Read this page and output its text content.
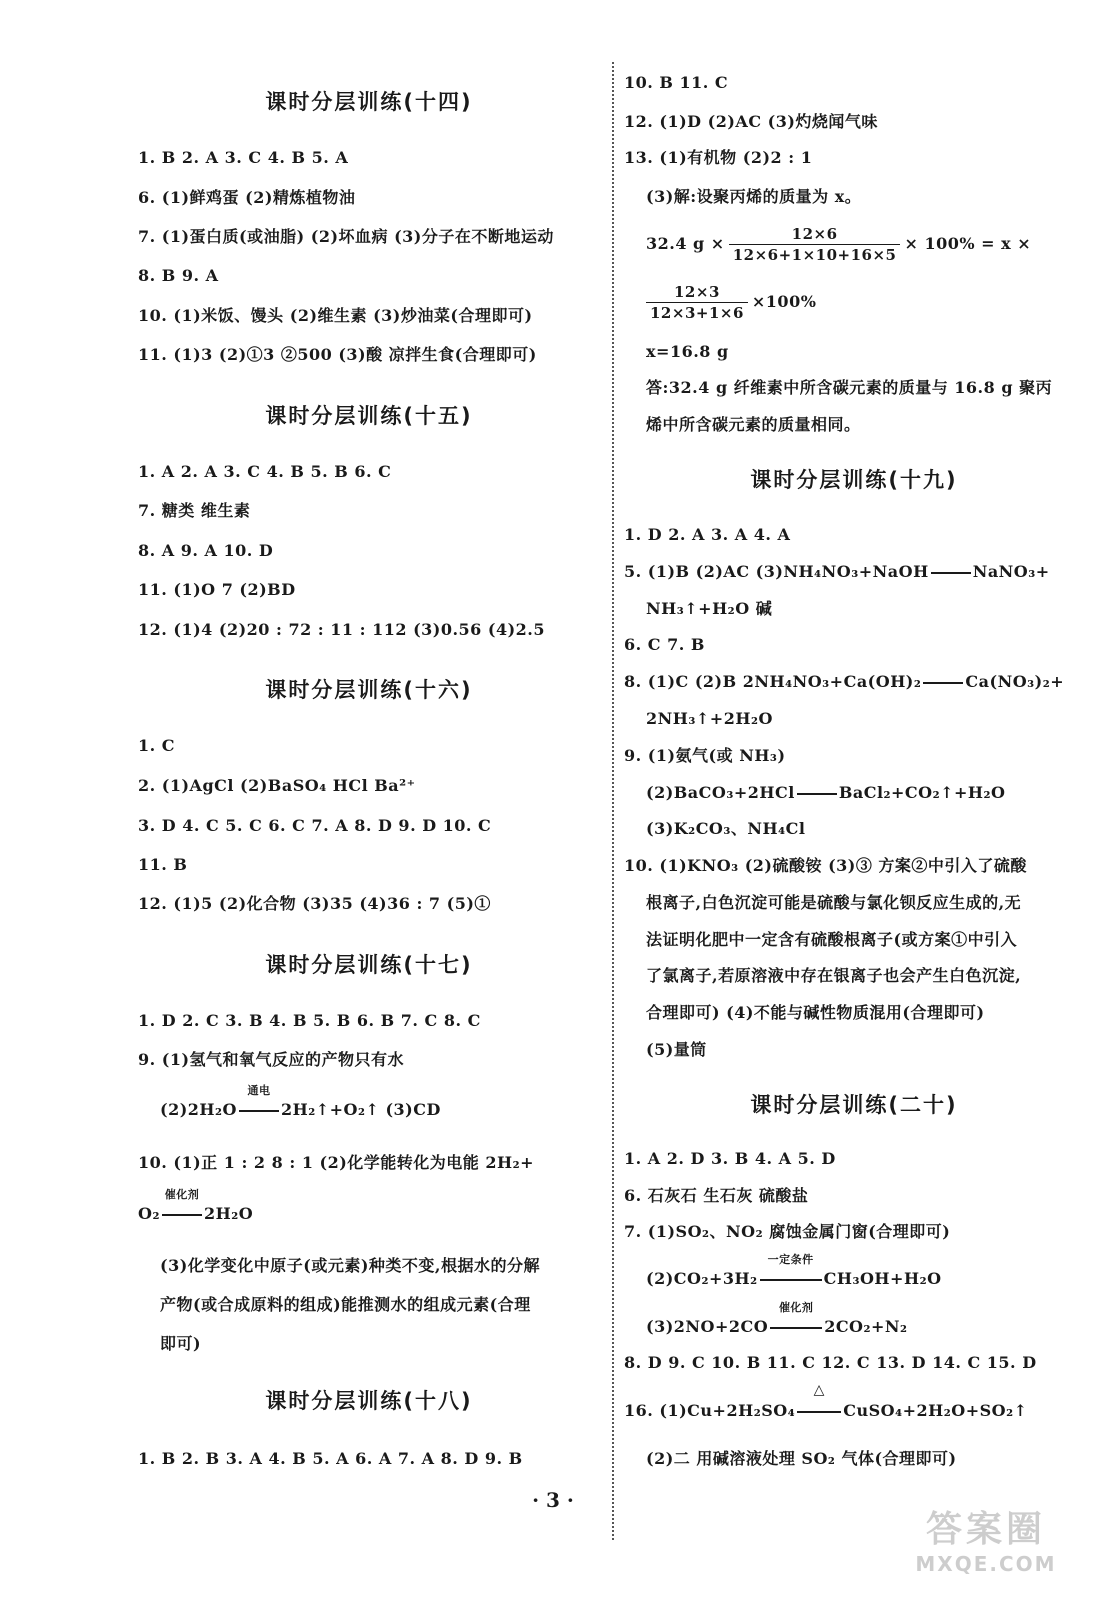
课时分层训练(十四)
1. B 2. A 3. C 4. B 5. A
6. (1)鲜鸡蛋 (2)精炼植物油
7. (1)蛋白质(或油脂) (2)坏血病 (3)分子在不断地运动
8. B 9. A
10. (1)米饭、馒头 (2)维生素 (3)炒油菜(合理即可)
11. (1)3 (2)①3 ②500 (3)酸 凉拌生食(合理即可)
课时分层训练(十五)
1. A 2. A 3. C 4. B 5. B 6. C
7. 糖类 维生素
8. A 9. A 10. D
11. (1)O 7 (2)BD
12. (1)4 (2)20 : 72 : 11 : 112 (3)0.56 (4)2.5
课时分层训练(十六)
1. C
2. (1)AgCl (2)BaSO₄ HCl Ba²⁺
3. D 4. C 5. C 6. C 7. A 8. D 9. D 10. C
11. B
12. (1)5 (2)化合物 (3)35 (4)36 : 7 (5)①
课时分层训练(十七)
1. D 2. C 3. B 4. B 5. B 6. B 7. C 8. C
9. (1)氢气和氧气反应的产物只有水
(2)2H₂O
通电
2H₂↑+O₂↑ (3)CD
10. (1)正 1 : 2 8 : 1 (2)化学能转化为电能 2H₂+
O₂
催化剂
2H₂O
(3)化学变化中原子(或元素)种类不变,根据水的分解
产物(或合成原料的组成)能推测水的组成元素(合理
即可)
课时分层训练(十八)
1. B 2. B 3. A 4. B 5. A 6. A 7. A 8. D 9. B
10. B 11. C
12. (1)D (2)AC (3)灼烧闻气味
13. (1)有机物 (2)2 : 1
(3)解:设聚丙烯的质量为 x。
32.4 $g \times \frac{12\times 6}{12\times 6+1\times 10+16\times 5} \times 100\% = x$ ×
$\frac{12\times 3}{12\times 3+1\times 6} \times 100\%$
x=16.8 g
答:32.4 g 纤维素中所含碳元素的质量与 16.8 g 聚丙
烯中所含碳元素的质量相同。
课时分层训练(十九)
1. D 2. A 3. A 4. A
5. (1)B (2)AC (3)NH₄NO₃+NaOH	NaNO₃+
NH₃↑+H₂O 碱
6. C 7. B
8. (1)C (2)B 2NH₄NO₃+Ca(OH)₂	Ca(NO₃)₂+
2NH₃↑+2H₂O
9. (1)氨气(或 NH₃)
(2)BaCO₃+2HCl	BaCl₂+CO₂↑+H₂O
(3)K₂CO₃、NH₄Cl
10. (1)KNO₃ (2)硫酸铵 (3)③ 方案②中引入了硫酸
根离子,白色沉淀可能是硫酸与氯化钡反应生成的,无
法证明化肥中一定含有硫酸根离子(或方案①中引入
了氯离子,若原溶液中存在银离子也会产生白色沉淀,
合理即可) (4)不能与碱性物质混用(合理即可)
(5)量筒
课时分层训练(二十)
1. A 2. D 3. B 4. A 5. D
6. 石灰石 生石灰 硫酸盐
7. (1)SO₂、NO₂ 腐蚀金属门窗(合理即可)
(2)CO₂+3H₂
一定条件
CH₃OH+H₂O
(3)2NO+2CO
催化剂
2CO₂+N₂
8. D 9. C 10. B 11. C 12. C 13. D 14. C 15. D
16. (1)Cu+2H₂SO₄
△
CuSO₄+2H₂O+SO₂↑
(2)二 用碱溶液处理 SO₂ 气体(合理即可)
· 3 ·
答案圈
MXQE.COM
